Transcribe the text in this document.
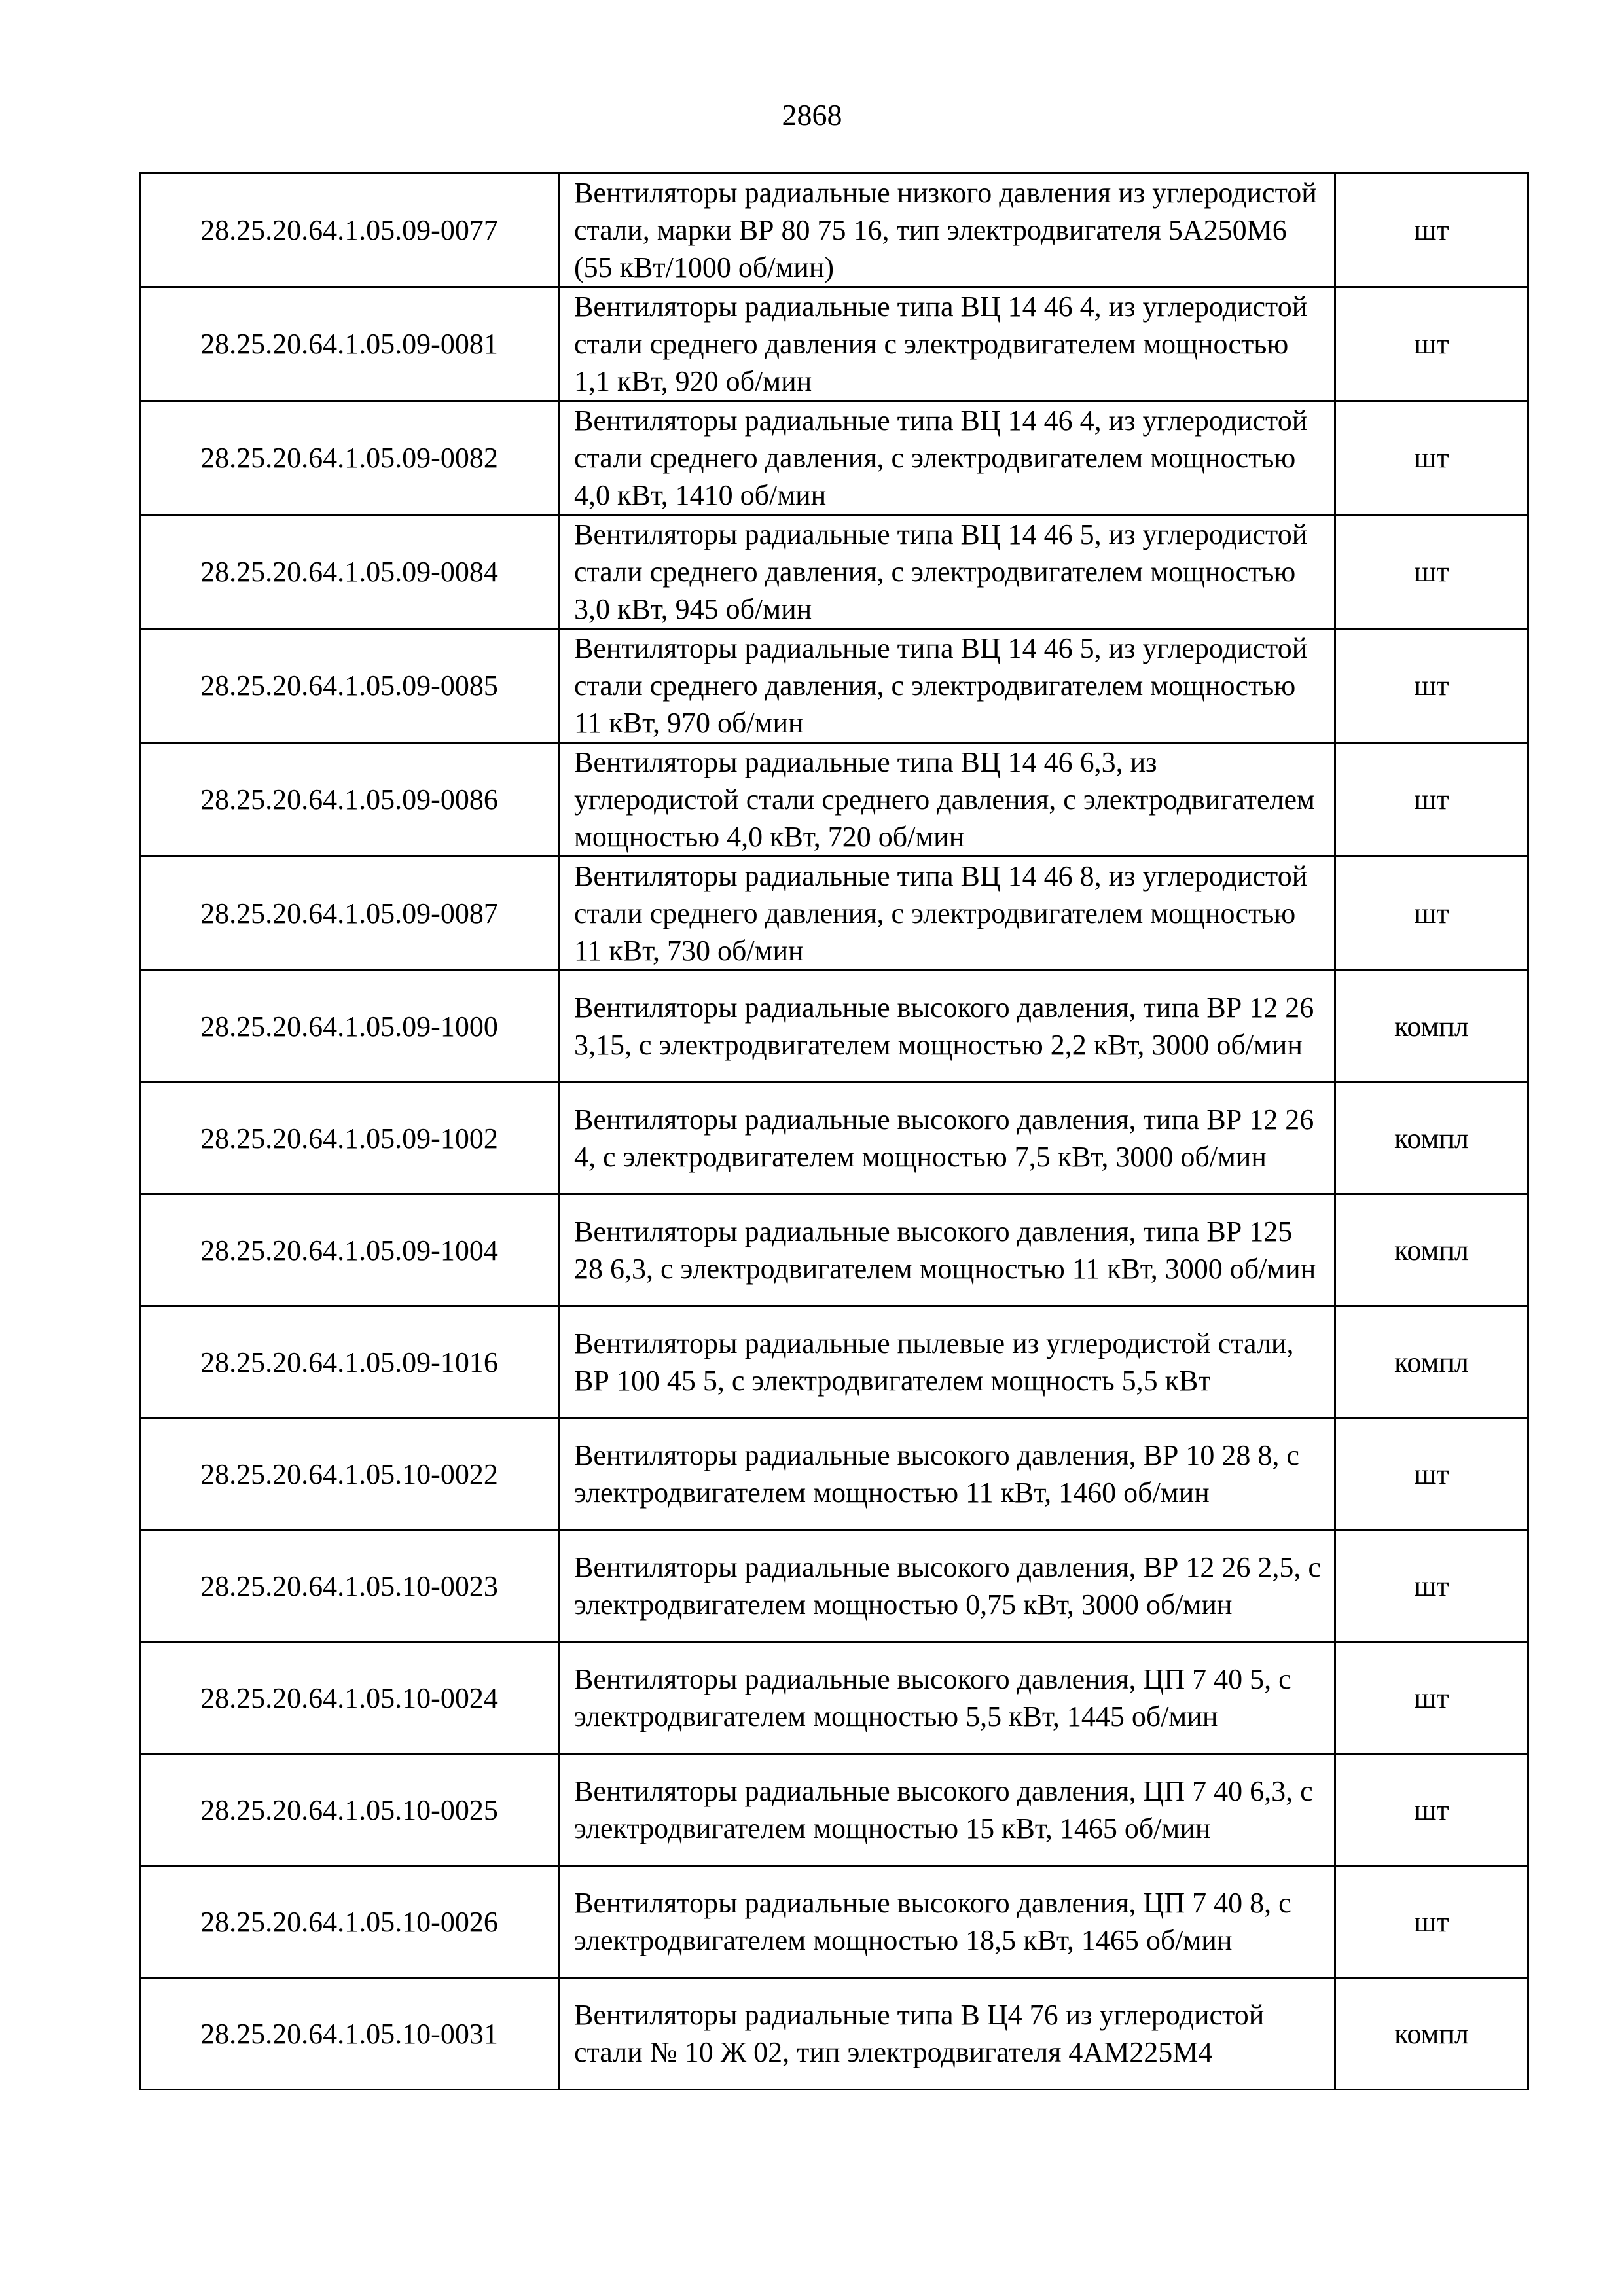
2868
28.25.20.64.1.05.09-0077	Вентиляторы радиальные низкого давления из углеродистой стали, марки ВР 80 75 16, тип электродвигателя 5А250М6 (55 кВт/1000 об/мин)	шт
28.25.20.64.1.05.09-0081	Вентиляторы радиальные типа ВЦ 14 46 4, из углеродистой стали среднего давления с электродвигателем мощностью 1,1 кВт, 920 об/мин	шт
28.25.20.64.1.05.09-0082	Вентиляторы радиальные типа ВЦ 14 46 4, из углеродистой стали среднего давления, с электродвигателем мощностью 4,0 кВт, 1410 об/мин	шт
28.25.20.64.1.05.09-0084	Вентиляторы радиальные типа ВЦ 14 46 5, из углеродистой стали среднего давления, с электродвигателем мощностью 3,0 кВт, 945 об/мин	шт
28.25.20.64.1.05.09-0085	Вентиляторы радиальные типа ВЦ 14 46 5, из углеродистой стали среднего давления, с электродвигателем мощностью 11 кВт, 970 об/мин	шт
28.25.20.64.1.05.09-0086	Вентиляторы радиальные типа ВЦ 14 46 6,3, из углеродистой стали среднего давления, с электродвигателем мощностью 4,0 кВт, 720 об/мин	шт
28.25.20.64.1.05.09-0087	Вентиляторы радиальные типа ВЦ 14 46 8, из углеродистой стали среднего давления, с электродвигателем мощностью 11 кВт, 730 об/мин	шт
28.25.20.64.1.05.09-1000	Вентиляторы радиальные высокого давления, типа ВР 12 26 3,15, с электродвигателем мощностью 2,2 кВт, 3000 об/мин	компл
28.25.20.64.1.05.09-1002	Вентиляторы радиальные высокого давления, типа ВР 12 26 4, с электродвигателем мощностью 7,5 кВт, 3000 об/мин	компл
28.25.20.64.1.05.09-1004	Вентиляторы радиальные высокого давления, типа ВР 125 28 6,3, с электродвигателем мощностью 11 кВт, 3000 об/мин	компл
28.25.20.64.1.05.09-1016	Вентиляторы радиальные пылевые из углеродистой стали, ВР 100 45 5, с электродвигателем мощность 5,5 кВт	компл
28.25.20.64.1.05.10-0022	Вентиляторы радиальные высокого давления, ВР 10 28 8, с электродвигателем мощностью 11 кВт, 1460 об/мин	шт
28.25.20.64.1.05.10-0023	Вентиляторы радиальные высокого давления, ВР 12 26 2,5, с электродвигателем мощностью 0,75 кВт, 3000 об/мин	шт
28.25.20.64.1.05.10-0024	Вентиляторы радиальные высокого давления, ЦП 7 40 5, с электродвигателем мощностью 5,5 кВт, 1445 об/мин	шт
28.25.20.64.1.05.10-0025	Вентиляторы радиальные высокого давления, ЦП 7 40 6,3, с электродвигателем мощностью 15 кВт, 1465 об/мин	шт
28.25.20.64.1.05.10-0026	Вентиляторы радиальные высокого давления, ЦП 7 40 8, с электродвигателем мощностью 18,5 кВт, 1465 об/мин	шт
28.25.20.64.1.05.10-0031	Вентиляторы радиальные типа В Ц4 76 из углеродистой стали № 10 Ж 02, тип электродвигателя 4АМ225М4	компл
